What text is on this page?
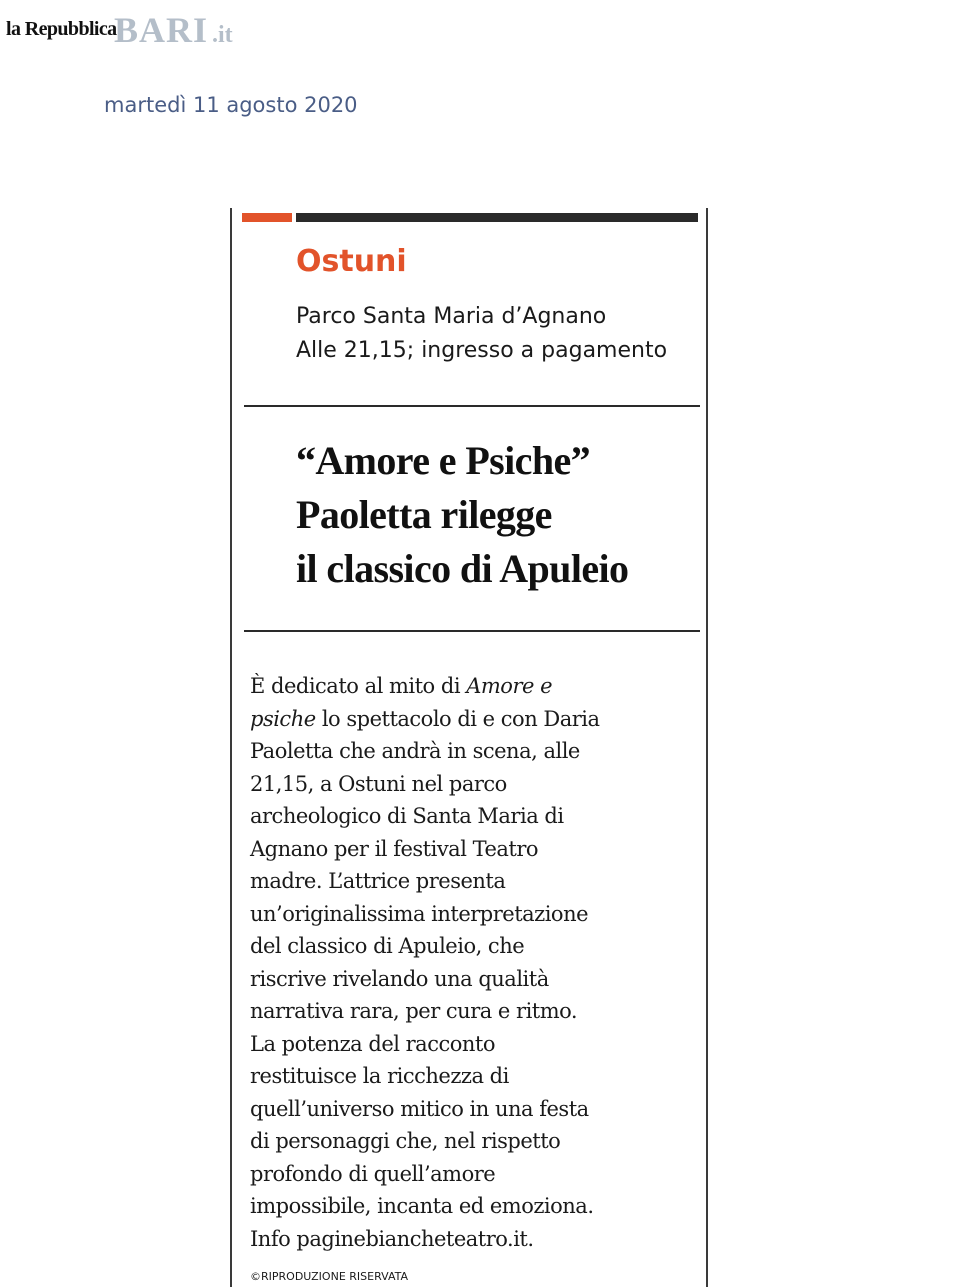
la Repubblica
BARI .it
martedì 11 agosto 2020
Ostuni
Parco Santa Maria d’Agnano
Alle 21,15; ingresso a pagamento
“Amore e Psiche”
Paoletta rilegge
il classico di Apuleio
È dedicato al mito di Amore e
psiche lo spettacolo di e con Daria
Paoletta che andrà in scena, alle
21,15, a Ostuni nel parco
archeologico di Santa Maria di
Agnano per il festival Teatro
madre. L’attrice presenta
un’originalissima interpretazione
del classico di Apuleio, che
riscrive rivelando una qualità
narrativa rara, per cura e ritmo.
La potenza del racconto
restituisce la ricchezza di
quell’universo mitico in una festa
di personaggi che, nel rispetto
profondo di quell’amore
impossibile, incanta ed emoziona.
Info paginebiancheteatro.it.
©RIPRODUZIONE RISERVATA
